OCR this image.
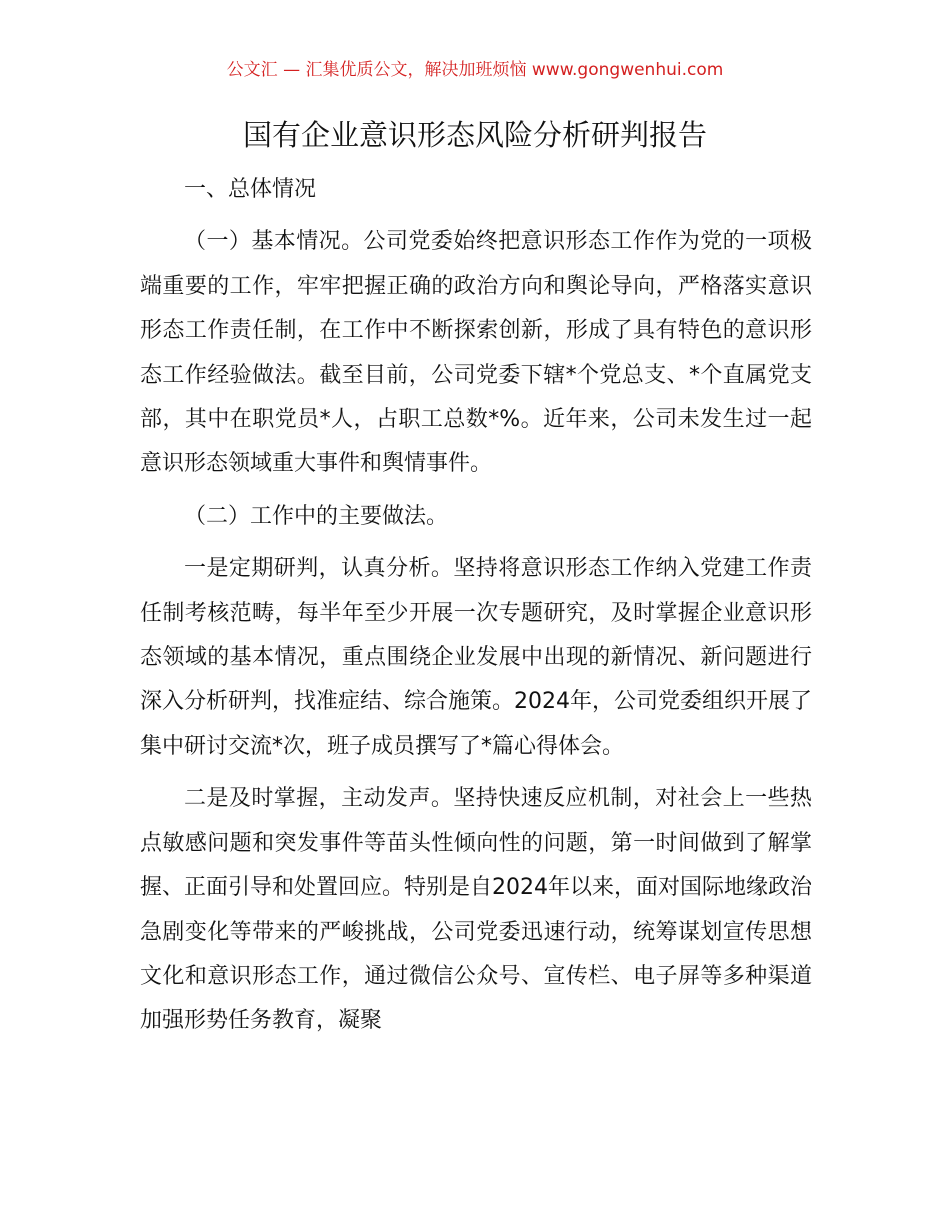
公文汇 — 汇集优质公文，解决加班烦恼 www.gongwenhui.com
国有企业意识形态风险分析研判报告

一、总体情况

（一）基本情况。公司党委始终把意识形态工作作为党的一项极端重要的工作，牢牢把握正确的政治方向和舆论导向，严格落实意识形态工作责任制，在工作中不断探索创新，形成了具有特色的意识形态工作经验做法。截至目前，公司党委下辖*个党总支、*个直属党支部，其中在职党员*人，占职工总数*%。近年来，公司未发生过一起意识形态领域重大事件和舆情事件。

（二）工作中的主要做法。

一是定期研判，认真分析。坚持将意识形态工作纳入党建工作责任制考核范畴，每半年至少开展一次专题研究，及时掌握企业意识形态领域的基本情况，重点围绕企业发展中出现的新情况、新问题进行深入分析研判，找准症结、综合施策。2024年，公司党委组织开展了集中研讨交流*次，班子成员撰写了*篇心得体会。

二是及时掌握，主动发声。坚持快速反应机制，对社会上一些热点敏感问题和突发事件等苗头性倾向性的问题，第一时间做到了解掌握、正面引导和处置回应。特别是自2024年以来，面对国际地缘政治急剧变化等带来的严峻挑战，公司党委迅速行动，统筹谋划宣传思想文化和意识形态工作，通过微信公众号、宣传栏、电子屏等多种渠道加强形势任务教育，凝聚
